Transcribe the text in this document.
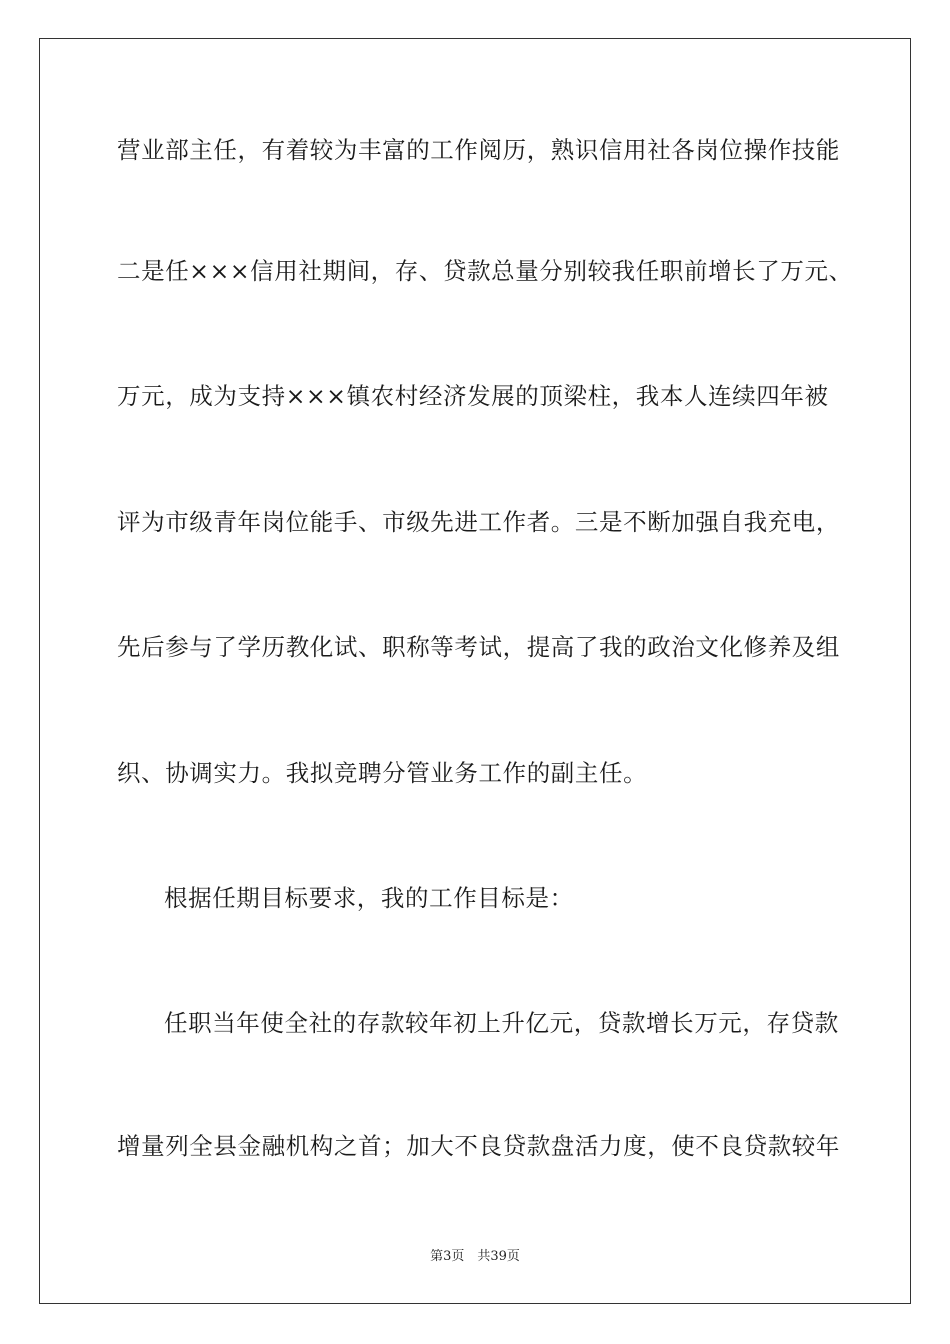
营业部主任，有着较为丰富的工作阅历，熟识信用社各岗位操作技能
二是任×××信用社期间，存、贷款总量分别较我任职前增长了万元、
万元，成为支持×××镇农村经济发展的顶梁柱，我本人连续四年被
评为市级青年岗位能手、市级先进工作者。三是不断加强自我充电，
先后参与了学历教化试、职称等考试，提高了我的政治文化修养及组
织、协调实力。我拟竞聘分管业务工作的副主任。
根据任期目标要求，我的工作目标是：
任职当年使全社的存款较年初上升亿元，贷款增长万元，存贷款
增量列全县金融机构之首；加大不良贷款盘活力度，使不良贷款较年
第3页　共39页
